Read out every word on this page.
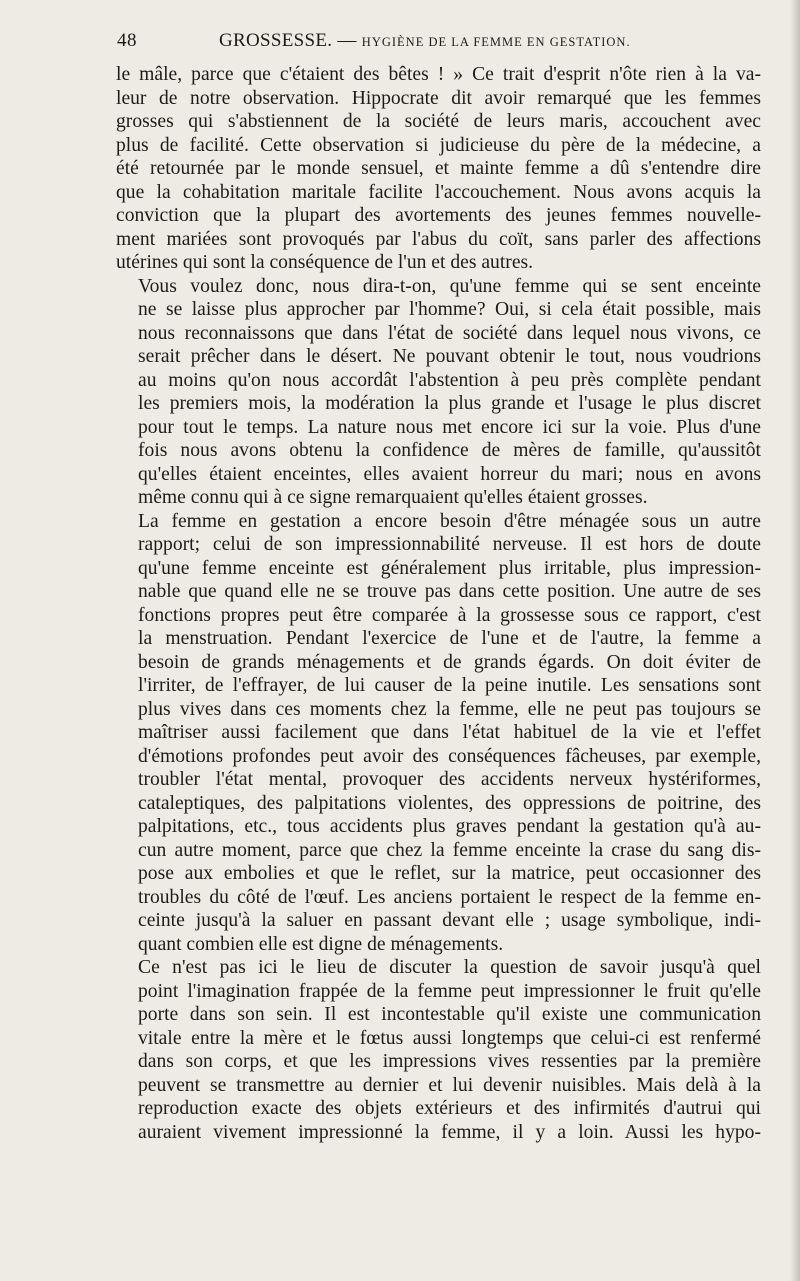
48	GROSSESSE. — HYGIÈNE DE LA FEMME EN GESTATION.
le mâle, parce que c'étaient des bêtes ! » Ce trait d'esprit n'ôte rien à la va-
leur de notre observation. Hippocrate dit avoir remarqué que les femmes
grosses qui s'abstiennent de la société de leurs maris, accouchent avec
plus de facilité. Cette observation si judicieuse du père de la médecine, a
été retournée par le monde sensuel, et mainte femme a dû s'entendre dire
que la cohabitation maritale facilite l'accouchement. Nous avons acquis la
conviction que la plupart des avortements des jeunes femmes nouvelle-
ment mariées sont provoqués par l'abus du coït, sans parler des affections
utérines qui sont la conséquence de l'un et des autres.
Vous voulez donc, nous dira-t-on, qu'une femme qui se sent enceinte
ne se laisse plus approcher par l'homme? Oui, si cela était possible, mais
nous reconnaissons que dans l'état de société dans lequel nous vivons, ce
serait prêcher dans le désert. Ne pouvant obtenir le tout, nous voudrions
au moins qu'on nous accordât l'abstention à peu près complète pendant
les premiers mois, la modération la plus grande et l'usage le plus discret
pour tout le temps. La nature nous met encore ici sur la voie. Plus d'une
fois nous avons obtenu la confidence de mères de famille, qu'aussitôt
qu'elles étaient enceintes, elles avaient horreur du mari; nous en avons
même connu qui à ce signe remarquaient qu'elles étaient grosses.
La femme en gestation a encore besoin d'être ménagée sous un autre
rapport; celui de son impressionnabilité nerveuse. Il est hors de doute
qu'une femme enceinte est généralement plus irritable, plus impression-
nable que quand elle ne se trouve pas dans cette position. Une autre de ses
fonctions propres peut être comparée à la grossesse sous ce rapport, c'est
la menstruation. Pendant l'exercice de l'une et de l'autre, la femme a
besoin de grands ménagements et de grands égards. On doit éviter de
l'irriter, de l'effrayer, de lui causer de la peine inutile. Les sensations sont
plus vives dans ces moments chez la femme, elle ne peut pas toujours se
maîtriser aussi facilement que dans l'état habituel de la vie et l'effet
d'émotions profondes peut avoir des conséquences fâcheuses, par exemple,
troubler l'état mental, provoquer des accidents nerveux hystériformes,
cataleptiques, des palpitations violentes, des oppressions de poitrine, des
palpitations, etc., tous accidents plus graves pendant la gestation qu'à au-
cun autre moment, parce que chez la femme enceinte la crase du sang dis-
pose aux embolies et que le reflet, sur la matrice, peut occasionner des
troubles du côté de l'œuf. Les anciens portaient le respect de la femme en-
ceinte jusqu'à la saluer en passant devant elle ; usage symbolique, indi-
quant combien elle est digne de ménagements.
Ce n'est pas ici le lieu de discuter la question de savoir jusqu'à quel
point l'imagination frappée de la femme peut impressionner le fruit qu'elle
porte dans son sein. Il est incontestable qu'il existe une communication
vitale entre la mère et le fœtus aussi longtemps que celui-ci est renfermé
dans son corps, et que les impressions vives ressenties par la première
peuvent se transmettre au dernier et lui devenir nuisibles. Mais delà à la
reproduction exacte des objets extérieurs et des infirmités d'autrui qui
auraient vivement impressionné la femme, il y a loin. Aussi les hypo-
